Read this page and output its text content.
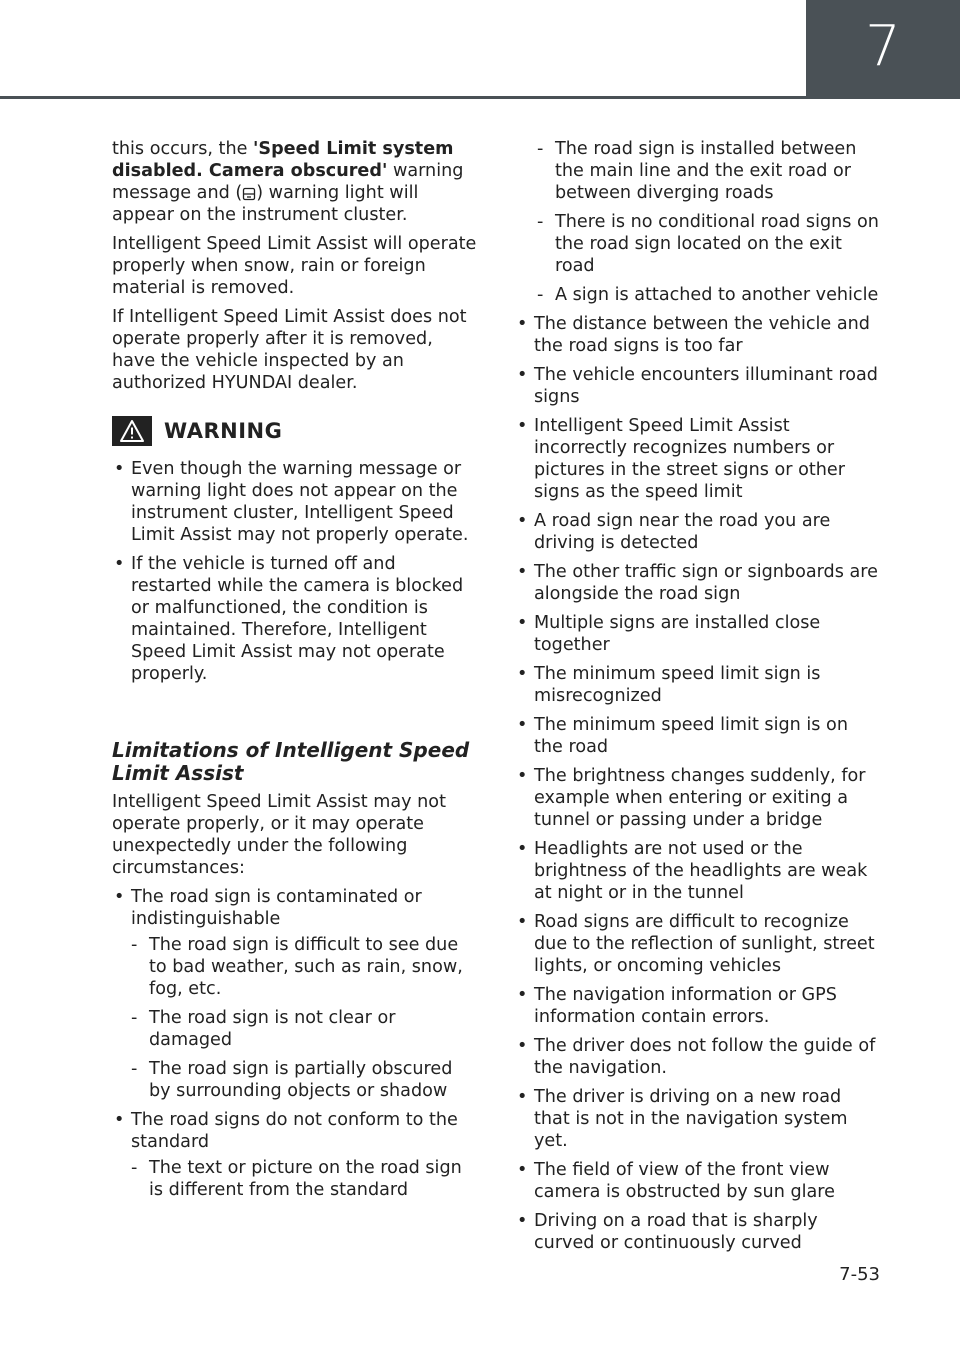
7

this occurs, the 'Speed Limit system disabled. Camera obscured' warning message and ( ) warning light will appear on the instrument cluster.

Intelligent Speed Limit Assist will operate properly when snow, rain or foreign material is removed.

If Intelligent Speed Limit Assist does not operate properly after it is removed, have the vehicle inspected by an authorized HYUNDAI dealer.

WARNING
• Even though the warning message or warning light does not appear on the instrument cluster, Intelligent Speed Limit Assist may not properly operate.
• If the vehicle is turned off and restarted while the camera is blocked or malfunctioned, the condition is maintained. Therefore, Intelligent Speed Limit Assist may not operate properly.
Limitations of Intelligent Speed Limit Assist

Intelligent Speed Limit Assist may not operate properly, or it may operate unexpectedly under the following circumstances:

• The road sign is contaminated or indistinguishable
- The road sign is difficult to see due to bad weather, such as rain, snow, fog, etc.
- The road sign is not clear or damaged
- The road sign is partially obscured by surrounding objects or shadow
• The road signs do not conform to the standard
- The text or picture on the road sign is different from the standard
- The road sign is installed between the main line and the exit road or between diverging roads
- There is no conditional road signs on the road sign located on the exit road
- A sign is attached to another vehicle
• The distance between the vehicle and the road signs is too far
• The vehicle encounters illuminant road signs
• Intelligent Speed Limit Assist incorrectly recognizes numbers or pictures in the street signs or other signs as the speed limit
• A road sign near the road you are driving is detected
• The other traffic sign or signboards are alongside the road sign
• Multiple signs are installed close together
• The minimum speed limit sign is misrecognized
• The minimum speed limit sign is on the road
• The brightness changes suddenly, for example when entering or exiting a tunnel or passing under a bridge
• Headlights are not used or the brightness of the headlights are weak at night or in the tunnel
• Road signs are difficult to recognize due to the reflection of sunlight, street lights, or oncoming vehicles
• The navigation information or GPS information contain errors.
• The driver does not follow the guide of the navigation.
• The driver is driving on a new road that is not in the navigation system yet.
• The field of view of the front view camera is obstructed by sun glare
• Driving on a road that is sharply curved or continuously curved
7-53
